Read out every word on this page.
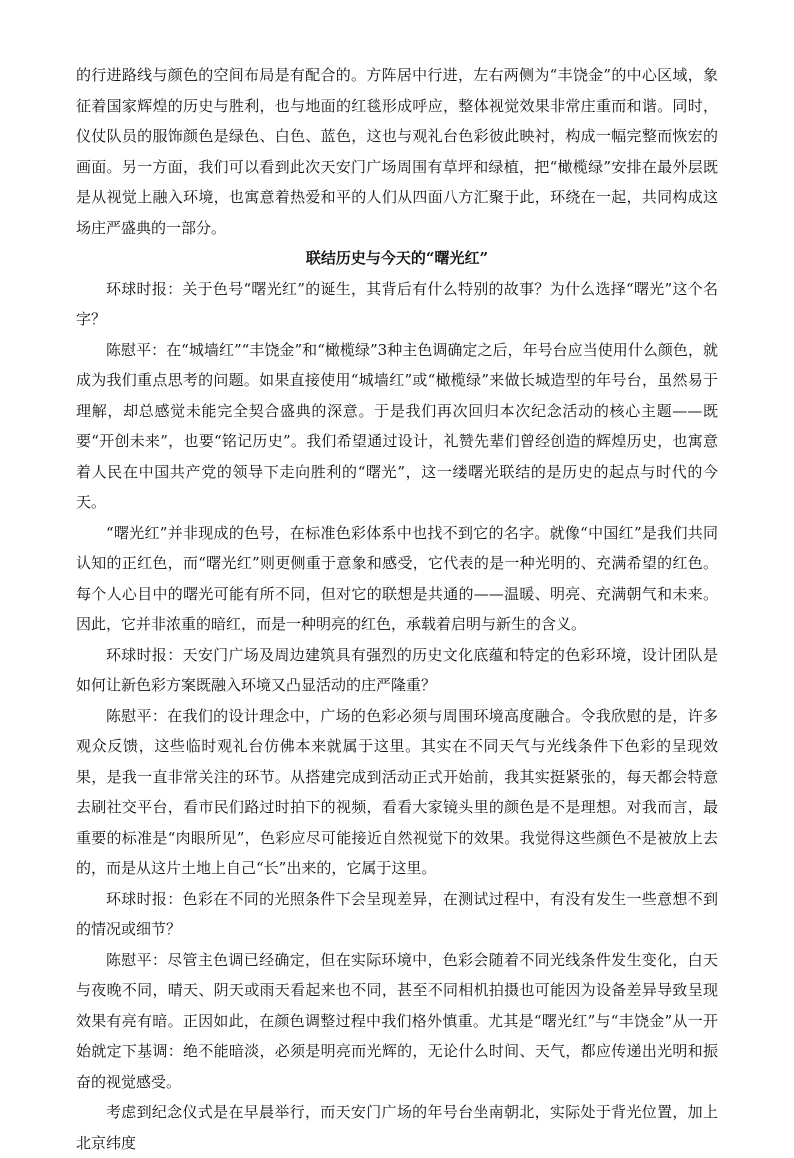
的行进路线与颜色的空间布局是有配合的。方阵居中行进，左右两侧为“丰饶金”的中心区域，象征着国家辉煌的历史与胜利，也与地面的红毯形成呼应，整体视觉效果非常庄重而和谐。同时，仪仗队员的服饰颜色是绿色、白色、蓝色，这也与观礼台色彩彼此映衬，构成一幅完整而恢宏的画面。另一方面，我们可以看到此次天安门广场周围有草坪和绿植，把“橄榄绿”安排在最外层既是从视觉上融入环境，也寓意着热爱和平的人们从四面八方汇聚于此，环绕在一起，共同构成这场庄严盛典的一部分。

联结历史与今天的“曙光红”

环球时报：关于色号“曙光红”的诞生，其背后有什么特别的故事？为什么选择“曙光”这个名字？

陈慰平：在“城墙红”“丰饶金”和“橄榄绿”3种主色调确定之后，年号台应当使用什么颜色，就成为我们重点思考的问题。如果直接使用“城墙红”或“橄榄绿”来做长城造型的年号台，虽然易于理解，却总感觉未能完全契合盛典的深意。于是我们再次回归本次纪念活动的核心主题——既要“开创未来”，也要“铭记历史”。我们希望通过设计，礼赞先辈们曾经创造的辉煌历史，也寓意着人民在中国共产党的领导下走向胜利的“曙光”，这一缕曙光联结的是历史的起点与时代的今天。

“曙光红”并非现成的色号，在标准色彩体系中也找不到它的名字。就像“中国红”是我们共同认知的正红色，而“曙光红”则更侧重于意象和感受，它代表的是一种光明的、充满希望的红色。每个人心目中的曙光可能有所不同，但对它的联想是共通的——温暖、明亮、充满朝气和未来。因此，它并非浓重的暗红，而是一种明亮的红色，承载着启明与新生的含义。

环球时报：天安门广场及周边建筑具有强烈的历史文化底蕴和特定的色彩环境，设计团队是如何让新色彩方案既融入环境又凸显活动的庄严隆重？

陈慰平：在我们的设计理念中，广场的色彩必须与周围环境高度融合。令我欣慰的是，许多观众反馈，这些临时观礼台仿佛本来就属于这里。其实在不同天气与光线条件下色彩的呈现效果，是我一直非常关注的环节。从搭建完成到活动正式开始前，我其实挺紧张的，每天都会特意去刷社交平台，看市民们路过时拍下的视频，看看大家镜头里的颜色是不是理想。对我而言，最重要的标准是“肉眼所见”，色彩应尽可能接近自然视觉下的效果。我觉得这些颜色不是被放上去的，而是从这片土地上自己“长”出来的，它属于这里。

环球时报：色彩在不同的光照条件下会呈现差异，在测试过程中，有没有发生一些意想不到的情况或细节？

陈慰平：尽管主色调已经确定，但在实际环境中，色彩会随着不同光线条件发生变化，白天与夜晚不同，晴天、阴天或雨天看起来也不同，甚至不同相机拍摄也可能因为设备差异导致呈现效果有亮有暗。正因如此，在颜色调整过程中我们格外慎重。尤其是“曙光红”与“丰饶金”从一开始就定下基调：绝不能暗淡，必须是明亮而光辉的，无论什么时间、天气，都应传递出光明和振奋的视觉感受。

考虑到纪念仪式是在早晨举行，而天安门广场的年号台坐南朝北，实际处于背光位置，加上北京纬度
